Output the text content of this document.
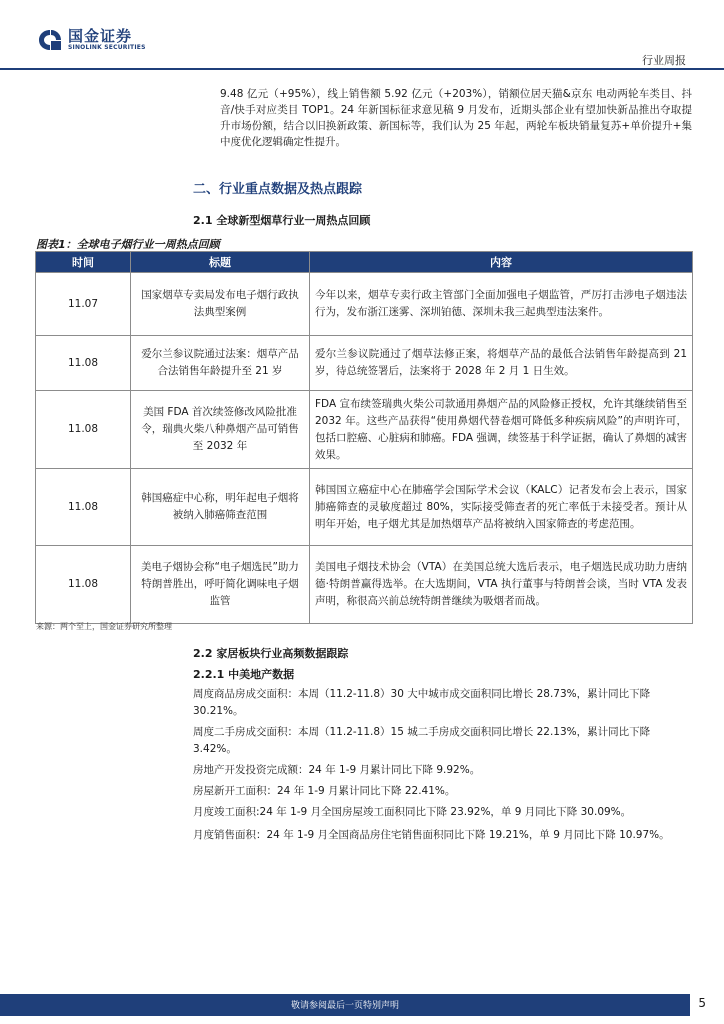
国金证券
SINOLINK SECURITIES
行业周报
9.48 亿元（+95%），线上销售额 5.92 亿元（+203%），销额位居天猫&京东 电动两轮车类目、抖音/快手对应类目 TOP1。24 年新国标征求意见稿 9 月发布，近期头部企业有望加快新品推出夺取提升市场份额，结合以旧换新政策、新国标等，我们认为 25 年起，两轮车板块销量复苏+单价提升+集中度优化逻辑确定性提升。
二、行业重点数据及热点跟踪
2.1 全球新型烟草行业一周热点回顾
图表1：全球电子烟行业一周热点回顾
时间	标题	内容
11.07	国家烟草专卖局发布电子烟行政执法典型案例	今年以来，烟草专卖行政主管部门全面加强电子烟监管，严厉打击涉电子烟违法行为，发布浙江迷雾、深圳铂德、深圳未我三起典型违法案件。
11.08	爱尔兰参议院通过法案：烟草产品合法销售年龄提升至 21 岁	爱尔兰参议院通过了烟草法修正案，将烟草产品的最低合法销售年龄提高到 21 岁，待总统签署后，法案将于 2028 年 2 月 1 日生效。
11.08	美国 FDA 首次续签修改风险批准令，瑞典火柴八种鼻烟产品可销售至 2032 年	FDA 宣布续签瑞典火柴公司款通用鼻烟产品的风险修正授权，允许其继续销售至 2032 年。这些产品获得“使用鼻烟代替卷烟可降低多种疾病风险”的声明许可，包括口腔癌、心脏病和肺癌。FDA 强调，续签基于科学证据，确认了鼻烟的减害效果。
11.08	韩国癌症中心称，明年起电子烟将被纳入肺癌筛查范围	韩国国立癌症中心在肺癌学会国际学术会议（KALC）记者发布会上表示，国家肺癌筛查的灵敏度超过 80%，实际接受筛查者的死亡率低于未接受者。预计从明年开始，电子烟尤其是加热烟草产品将被纳入国家筛查的考虑范围。
11.08	美电子烟协会称“电子烟选民”助力特朗普胜出，呼吁简化调味电子烟监管	美国电子烟技术协会（VTA）在美国总统大选后表示，电子烟选民成功助力唐纳德·特朗普赢得选举。在大选期间，VTA 执行董事与特朗普会谈，当时 VTA 发表声明，称很高兴前总统特朗普继续为吸烟者而战。
来源：两个至上，国金证券研究所整理
2.2 家居板块行业高频数据跟踪
2.2.1 中美地产数据
周度商品房成交面积：本周（11.2-11.8）30 大中城市成交面积同比增长 28.73%，累计同比下降 30.21%。
周度二手房成交面积：本周（11.2-11.8）15 城二手房成交面积同比增长 22.13%，累计同比下降 3.42%。
房地产开发投资完成额：24 年 1-9 月累计同比下降 9.92%。
房屋新开工面积：24 年 1-9 月累计同比下降 22.41%。
月度竣工面积:24 年 1-9 月全国房屋竣工面积同比下降 23.92%，单 9 月同比下降 30.09%。
月度销售面积：24 年 1-9 月全国商品房住宅销售面积同比下降 19.21%，单 9 月同比下降 10.97%。
敬请参阅最后一页特别声明	5
